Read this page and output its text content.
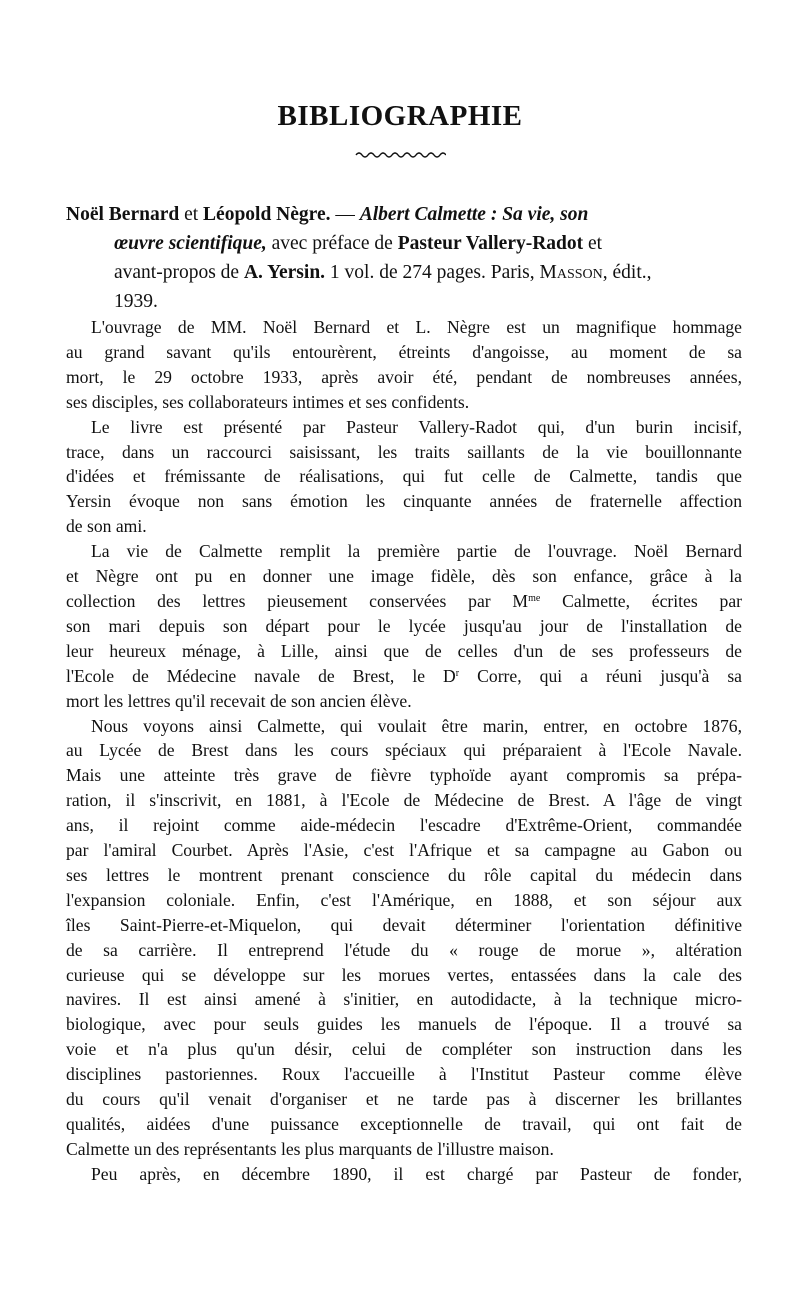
BIBLIOGRAPHIE
Noël Bernard et Léopold Nègre. — Albert Calmette : Sa vie, son
œuvre scientifique, avec préface de Pasteur Vallery-Radot et
avant-propos de A. Yersin. 1 vol. de 274 pages. Paris, Masson, édit.,
1939.
L'ouvrage de MM. Noël Bernard et L. Nègre est un magnifique hommage
au grand savant qu'ils entourèrent, étreints d'angoisse, au moment de sa
mort, le 29 octobre 1933, après avoir été, pendant de nombreuses années,
ses disciples, ses collaborateurs intimes et ses confidents.
Le livre est présenté par Pasteur Vallery-Radot qui, d'un burin incisif,
trace, dans un raccourci saisissant, les traits saillants de la vie bouillonnante
d'idées et frémissante de réalisations, qui fut celle de Calmette, tandis que
Yersin évoque non sans émotion les cinquante années de fraternelle affection
de son ami.
La vie de Calmette remplit la première partie de l'ouvrage. Noël Bernard
et Nègre ont pu en donner une image fidèle, dès son enfance, grâce à la
collection des lettres pieusement conservées par $M^{me}$ Calmette, écrites par
son mari depuis son départ pour le lycée jusqu'au jour de l'installation de
leur heureux ménage, à Lille, ainsi que de celles d'un de ses professeurs de
l'Ecole de Médecine navale de Brest, le $D^r$ Corre, qui a réuni jusqu'à sa
mort les lettres qu'il recevait de son ancien élève.
Nous voyons ainsi Calmette, qui voulait être marin, entrer, en octobre 1876,
au Lycée de Brest dans les cours spéciaux qui préparaient à l'Ecole Navale.
Mais une atteinte très grave de fièvre typhoïde ayant compromis sa prépa-
ration, il s'inscrivit, en 1881, à l'Ecole de Médecine de Brest. A l'âge de vingt
ans, il rejoint comme aide-médecin l'escadre d'Extrême-Orient, commandée
par l'amiral Courbet. Après l'Asie, c'est l'Afrique et sa campagne au Gabon ou
ses lettres le montrent prenant conscience du rôle capital du médecin dans
l'expansion coloniale. Enfin, c'est l'Amérique, en 1888, et son séjour aux
îles Saint-Pierre-et-Miquelon, qui devait déterminer l'orientation définitive
de sa carrière. Il entreprend l'étude du « rouge de morue », altération
curieuse qui se développe sur les morues vertes, entassées dans la cale des
navires. Il est ainsi amené à s'initier, en autodidacte, à la technique micro-
biologique, avec pour seuls guides les manuels de l'époque. Il a trouvé sa
voie et n'a plus qu'un désir, celui de compléter son instruction dans les
disciplines pastoriennes. Roux l'accueille à l'Institut Pasteur comme élève
du cours qu'il venait d'organiser et ne tarde pas à discerner les brillantes
qualités, aidées d'une puissance exceptionnelle de travail, qui ont fait de
Calmette un des représentants les plus marquants de l'illustre maison.
Peu après, en décembre 1890, il est chargé par Pasteur de fonder,
